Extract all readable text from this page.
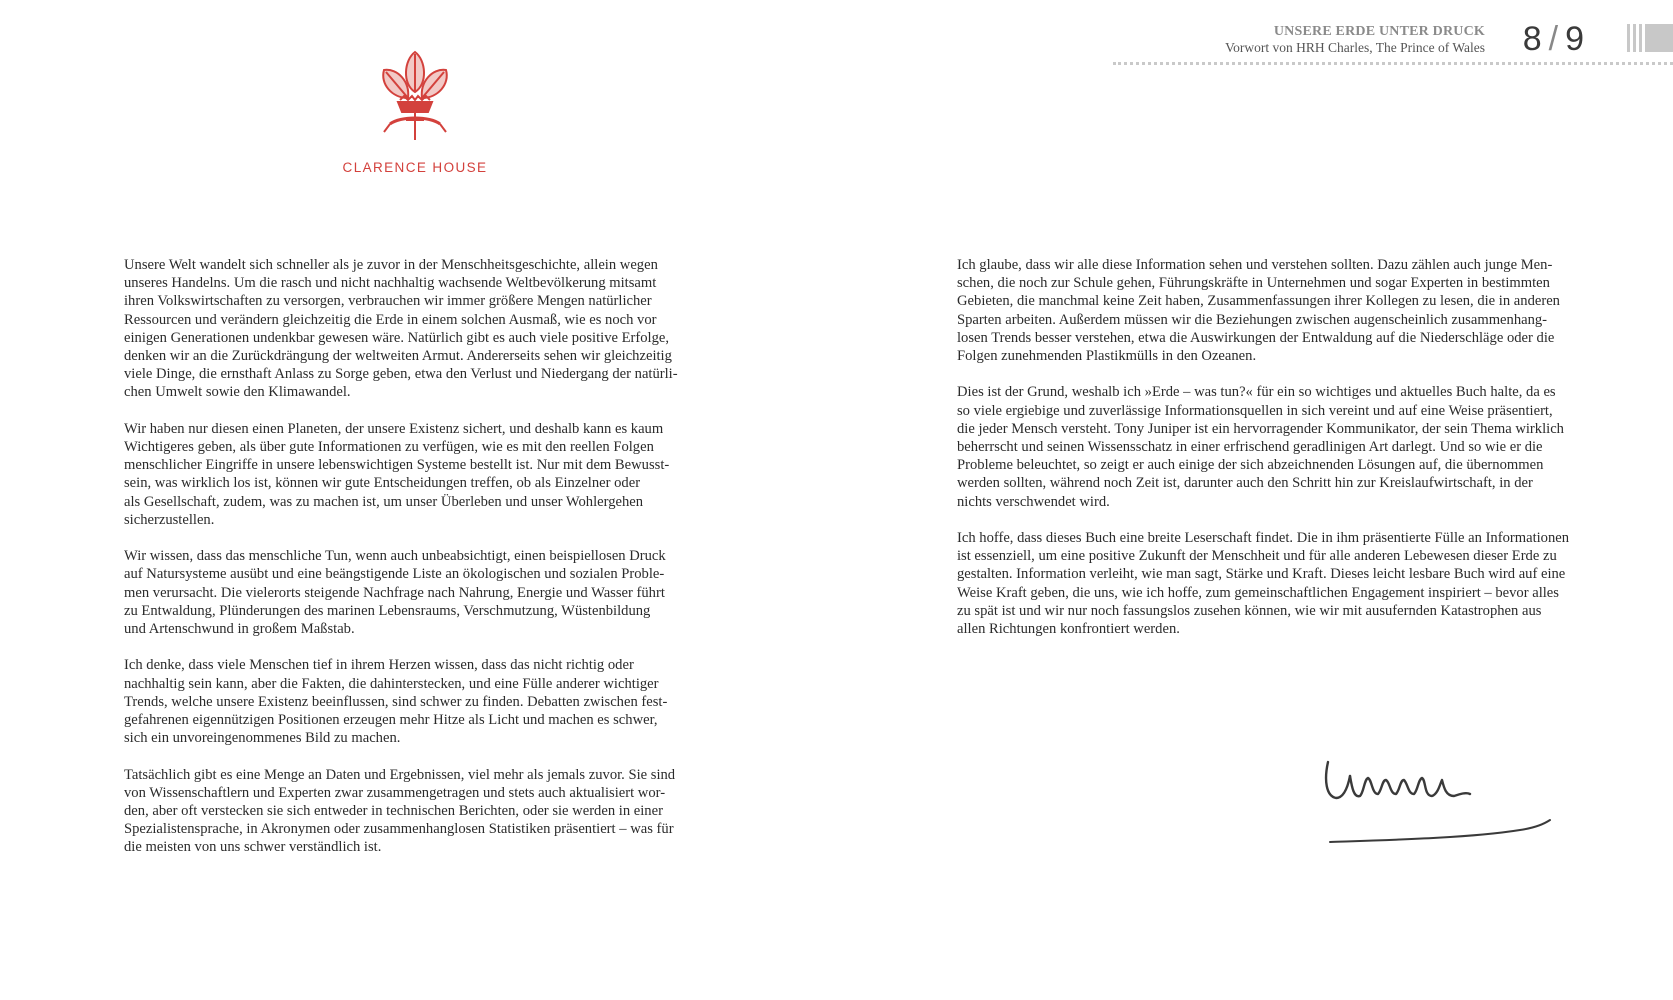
UNSERE ERDE UNTER DRUCK
Vorwort von HRH Charles, The Prince of Wales 8 / 9
CLARENCE HOUSE

Unsere Welt wandelt sich schneller als je zuvor in der Menschheitsgeschichte, allein wegen
unseres Handelns. Um die rasch und nicht nachhaltig wachsende Weltbevölkerung mitsamt
ihren Volkswirtschaften zu versorgen, verbrauchen wir immer größere Mengen natürlicher
Ressourcen und verändern gleichzeitig die Erde in einem solchen Ausmaß, wie es noch vor
einigen Generationen undenkbar gewesen wäre. Natürlich gibt es auch viele positive Erfolge,
denken wir an die Zurückdrängung der weltweiten Armut. Andererseits sehen wir gleichzeitig
viele Dinge, die ernsthaft Anlass zu Sorge geben, etwa den Verlust und Niedergang der natürli-
chen Umwelt sowie den Klimawandel.

Wir haben nur diesen einen Planeten, der unsere Existenz sichert, und deshalb kann es kaum
Wichtigeres geben, als über gute Informationen zu verfügen, wie es mit den reellen Folgen
menschlicher Eingriffe in unsere lebenswichtigen Systeme bestellt ist. Nur mit dem Bewusst-
sein, was wirklich los ist, können wir gute Entscheidungen treffen, ob als Einzelner oder
als Gesellschaft, zudem, was zu machen ist, um unser Überleben und unser Wohlergehen
sicherzustellen.

Wir wissen, dass das menschliche Tun, wenn auch unbeabsichtigt, einen beispiellosen Druck
auf Natursysteme ausübt und eine beängstigende Liste an ökologischen und sozialen Proble-
men verursacht. Die vielerorts steigende Nachfrage nach Nahrung, Energie und Wasser führt
zu Entwaldung, Plünderungen des marinen Lebensraums, Verschmutzung, Wüstenbildung
und Artenschwund in großem Maßstab.

Ich denke, dass viele Menschen tief in ihrem Herzen wissen, dass das nicht richtig oder
nachhaltig sein kann, aber die Fakten, die dahinterstecken, und eine Fülle anderer wichtiger
Trends, welche unsere Existenz beeinflussen, sind schwer zu finden. Debatten zwischen fest-
gefahrenen eigennützigen Positionen erzeugen mehr Hitze als Licht und machen es schwer,
sich ein unvoreingenommenes Bild zu machen.

Tatsächlich gibt es eine Menge an Daten und Ergebnissen, viel mehr als jemals zuvor. Sie sind
von Wissenschaftlern und Experten zwar zusammengetragen und stets auch aktualisiert wor-
den, aber oft verstecken sie sich entweder in technischen Berichten, oder sie werden in einer
Spezialistensprache, in Akronymen oder zusammenhanglosen Statistiken präsentiert – was für
die meisten von uns schwer verständlich ist.

Ich glaube, dass wir alle diese Information sehen und verstehen sollten. Dazu zählen auch junge Men-
schen, die noch zur Schule gehen, Führungskräfte in Unternehmen und sogar Experten in bestimmten
Gebieten, die manchmal keine Zeit haben, Zusammenfassungen ihrer Kollegen zu lesen, die in anderen
Sparten arbeiten. Außerdem müssen wir die Beziehungen zwischen augenscheinlich zusammenhang-
losen Trends besser verstehen, etwa die Auswirkungen der Entwaldung auf die Niederschläge oder die
Folgen zunehmenden Plastikmülls in den Ozeanen.

Dies ist der Grund, weshalb ich »Erde – was tun?« für ein so wichtiges und aktuelles Buch halte, da es
so viele ergiebige und zuverlässige Informationsquellen in sich vereint und auf eine Weise präsentiert,
die jeder Mensch versteht. Tony Juniper ist ein hervorragender Kommunikator, der sein Thema wirklich
beherrscht und seinen Wissensschatz in einer erfrischend geradlinigen Art darlegt. Und so wie er die
Probleme beleuchtet, so zeigt er auch einige der sich abzeichnenden Lösungen auf, die übernommen
werden sollten, während noch Zeit ist, darunter auch den Schritt hin zur Kreislaufwirtschaft, in der
nichts verschwendet wird.

Ich hoffe, dass dieses Buch eine breite Leserschaft findet. Die in ihm präsentierte Fülle an Informationen
ist essenziell, um eine positive Zukunft der Menschheit und für alle anderen Lebewesen dieser Erde zu
gestalten. Information verleiht, wie man sagt, Stärke und Kraft. Dieses leicht lesbare Buch wird auf eine
Weise Kraft geben, die uns, wie ich hoffe, zum gemeinschaftlichen Engagement inspiriert – bevor alles
zu spät ist und wir nur noch fassungslos zusehen können, wie wir mit ausufernden Katastrophen aus
allen Richtungen konfrontiert werden.
